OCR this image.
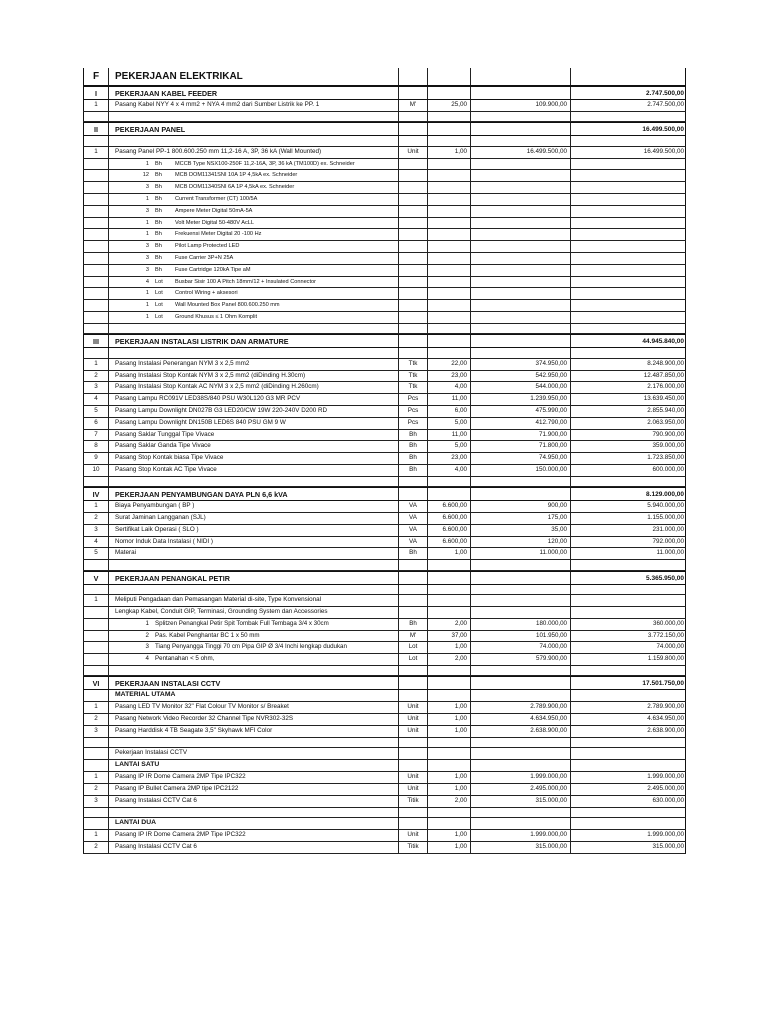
F	PEKERJAAN ELEKTRIKAL
I	PEKERJAAN KABEL FEEDER	2.747.500,00
1	Pasang Kabel NYY 4 x 4 mm2 + NYA 4 mm2 dari Sumber Listrik ke PP. 1	M'	25,00	109.900,00	2.747.500,00
II	PEKERJAAN PANEL	16.499.500,00
1	Pasang Panel PP-1 800.600.250 mm 11,2-16 A, 3P, 36 kA (Wall Mounted)	Unit	1,00	16.499.500,00	16.499.500,00
1 Bh MCCB Type NSX100-250F 11,2-16A, 3P, 36 kA (TM100D) ex. Schneider
12 Bh MCB DOM11341SNI 10A 1P 4,5kA ex. Schneider
3 Bh MCB DOM11340SNI 6A 1P 4,5kA ex. Schneider
1 Bh Current Transformer (CT) 100/5A
3 Bh Ampere Meter Digital 50mA-5A
1 Bh Volt Meter Digital 50-480V AcLL
1 Bh Frekuensi Meter Digital 20 -100 Hz
3 Bh Pilot Lamp Protected LED
3 Bh Fuse Carrier 3P+N 25A
3 Bh Fuse Cartridge 120kA Tipe aM
4 Lot Busbar Sisir 100 A Pitch 18mm/12 + Insulated Connector
1 Lot Control Wiring + aksesori
1 Lot Wall Mounted Box Panel 800.600.250 mm
1 Lot Ground Khusus ≤ 1 Ohm Komplit
III	PEKERJAAN INSTALASI LISTRIK DAN ARMATURE	44.945.840,00
1	Pasang Instalasi Penerangan NYM 3 x 2,5 mm2	Ttk	22,00	374.950,00	8.248.900,00
2	Pasang Instalasi Stop Kontak NYM 3 x 2,5 mm2 (diDinding H.30cm)	Ttk	23,00	542.950,00	12.487.850,00
3	Pasang Instalasi Stop Kontak AC NYM 3 x 2,5 mm2 (diDinding H.260cm)	Ttk	4,00	544.000,00	2.176.000,00
4	Pasang Lampu RC091V LED38S/840 PSU W30L120 G3 MR PCV	Pcs	11,00	1.239.950,00	13.639.450,00
5	Pasang Lampu Downlight DN027B G3 LED20/CW 19W 220-240V D200 RD	Pcs	6,00	475.990,00	2.855.940,00
6	Pasang Lampu Downlight DN150B LED6S 840 PSU GM 9 W	Pcs	5,00	412.790,00	2.063.950,00
7	Pasang Saklar Tunggal Tipe Vivace	Bh	11,00	71.900,00	790.900,00
8	Pasang Saklar Ganda Tipe Vivace	Bh	5,00	71.800,00	359.000,00
9	Pasang Stop Kontak biasa Tipe Vivace	Bh	23,00	74.950,00	1.723.850,00
10	Pasang Stop Kontak AC Tipe Vivace	Bh	4,00	150.000,00	600.000,00
IV	PEKERJAAN PENYAMBUNGAN DAYA PLN 6,6 kVA	8.129.000,00
1	Biaya Penyambungan ( BP )	VA	6.600,00	900,00	5.940.000,00
2	Surat Jaminan Langganan (SJL)	VA	6.600,00	175,00	1.155.000,00
3	Sertifikat Laik Operasi ( SLO )	VA	6.600,00	35,00	231.000,00
4	Nomor Induk Data Instalasi ( NIDI )	VA	6.600,00	120,00	792.000,00
5	Materai	Bh	1,00	11.000,00	11.000,00
V	PEKERJAAN PENANGKAL PETIR	5.365.950,00
1	Meliputi Pengadaan dan Pemasangan Material di-site, Type Konvensional
Lengkap Kabel, Conduit GIP, Terminasi, Grounding System dan Accessories
1 Splitzen Penangkal Petir Spit Tombak Full Tembaga 3/4 x 30cm	Bh	2,00	180.000,00	360.000,00
2 Pas. Kabel Penghantar BC 1 x 50 mm	M'	37,00	101.950,00	3.772.150,00
3 Tiang Penyangga Tinggi 70 cm Pipa GIP Ø 3/4 Inchi lengkap dudukan	Lot	1,00	74.000,00	74.000,00
4 Pentanahan < 5 ohm,	Lot	2,00	579.900,00	1.159.800,00
VI	PEKERJAAN INSTALASI CCTV	17.501.750,00
MATERIAL UTAMA
1	Pasang LED TV Monitor 32" Flat Colour TV Monitor s/ Breaket	Unit	1,00	2.789.900,00	2.789.900,00
2	Pasang Network Video Recorder 32 Channel Tipe NVR302-32S	Unit	1,00	4.634.950,00	4.634.950,00
3	Pasang Harddisk 4 TB Seagate 3,5" Skyhawk MFI Color	Unit	1,00	2.638.900,00	2.638.900,00
Pekerjaan Instalasi CCTV
LANTAI SATU
1	Pasang IP IR Dome Camera 2MP Tipe IPC322	Unit	1,00	1.999.000,00	1.999.000,00
2	Pasang IP Bullet Camera 2MP tipe IPC2122	Unit	1,00	2.495.000,00	2.495.000,00
3	Pasang Instalasi CCTV Cat 6	Titik	2,00	315.000,00	630.000,00
LANTAI DUA
1	Pasang IP IR Dome Camera 2MP Tipe IPC322	Unit	1,00	1.999.000,00	1.999.000,00
2	Pasang Instalasi CCTV Cat 6	Titik	1,00	315.000,00	315.000,00
